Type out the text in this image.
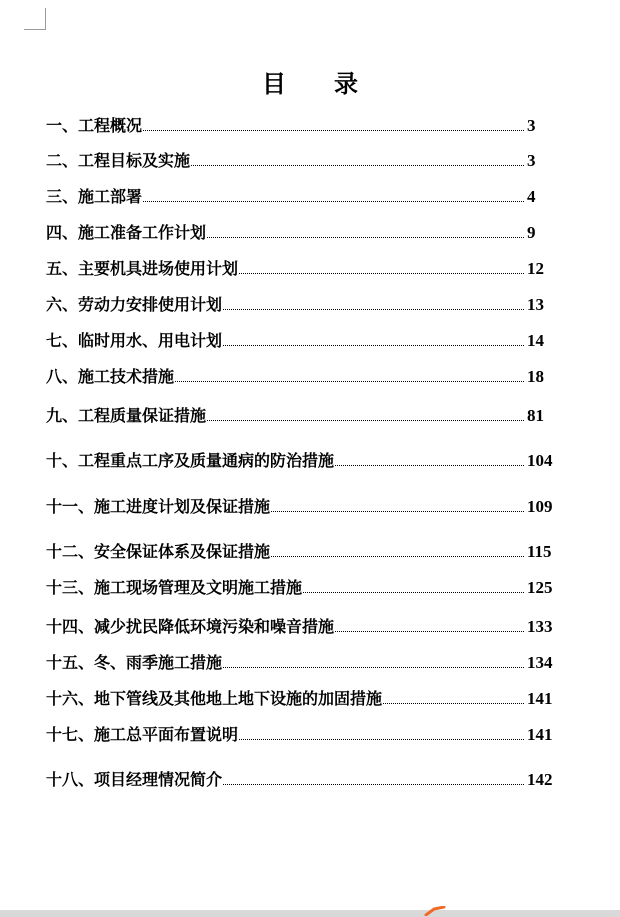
目　　录
一、工程概况	3
二、工程目标及实施	3
三、施工部署	4
四、施工准备工作计划	9
五、主要机具进场使用计划	12
六、劳动力安排使用计划	13
七、临时用水、用电计划	14
八、施工技术措施	18
九、工程质量保证措施	81
十、工程重点工序及质量通病的防治措施	104
十一、施工进度计划及保证措施	109
十二、安全保证体系及保证措施	115
十三、施工现场管理及文明施工措施	125
十四、减少扰民降低环境污染和噪音措施	133
十五、冬、雨季施工措施	134
十六、地下管线及其他地上地下设施的加固措施	141
十七、施工总平面布置说明	141
十八、项目经理情况简介	142
